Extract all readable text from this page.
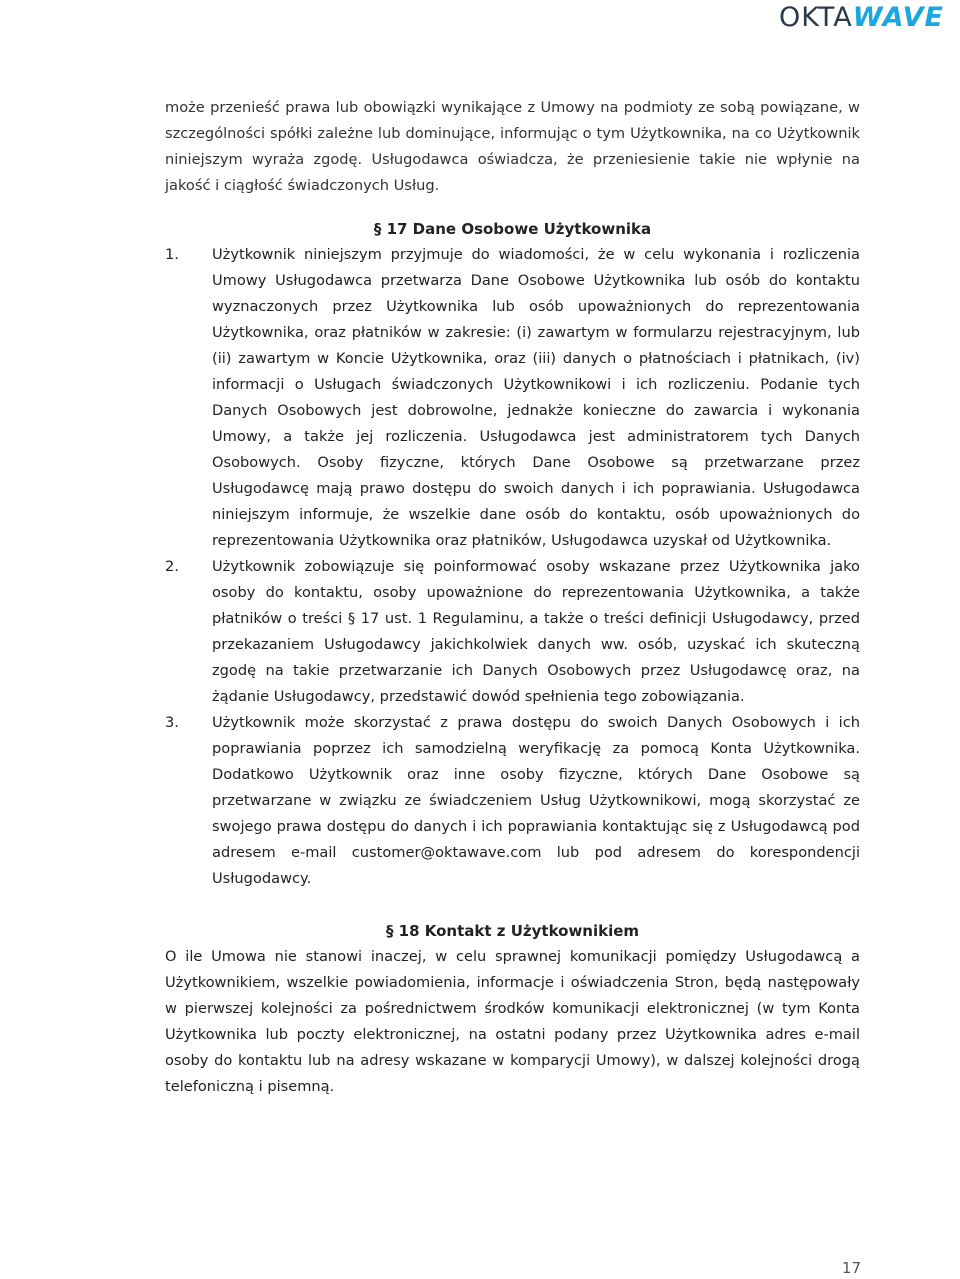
OKTA WAVE

może przenieść prawa lub obowiązki wynikające z Umowy na podmioty ze sobą powiązane, w szczególności spółki zależne lub dominujące, informując o tym Użytkownika, na co Użytkownik niniejszym wyraża zgodę. Usługodawca oświadcza, że przeniesienie takie nie wpłynie na jakość i ciągłość świadczonych Usług.

§ 17 Dane Osobowe Użytkownika
1. Użytkownik niniejszym przyjmuje do wiadomości, że w celu wykonania i rozliczenia Umowy Usługodawca przetwarza Dane Osobowe Użytkownika lub osób do kontaktu wyznaczonych przez Użytkownika lub osób upoważnionych do reprezentowania Użytkownika, oraz płatników w zakresie: (i) zawartym w formularzu rejestracyjnym, lub (ii) zawartym w Koncie Użytkownika, oraz (iii) danych o płatnościach i płatnikach, (iv) informacji o Usługach świadczonych Użytkownikowi i ich rozliczeniu. Podanie tych Danych Osobowych jest dobrowolne, jednakże konieczne do zawarcia i wykonania Umowy, a także jej rozliczenia. Usługodawca jest administratorem tych Danych Osobowych. Osoby fizyczne, których Dane Osobowe są przetwarzane przez Usługodawcę mają prawo dostępu do swoich danych i ich poprawiania. Usługodawca niniejszym informuje, że wszelkie dane osób do kontaktu, osób upoważnionych do reprezentowania Użytkownika oraz płatników, Usługodawca uzyskał od Użytkownika.
2. Użytkownik zobowiązuje się poinformować osoby wskazane przez Użytkownika jako osoby do kontaktu, osoby upoważnione do reprezentowania Użytkownika, a także płatników o treści § 17 ust. 1 Regulaminu, a także o treści definicji Usługodawcy, przed przekazaniem Usługodawcy jakichkolwiek danych ww. osób, uzyskać ich skuteczną zgodę na takie przetwarzanie ich Danych Osobowych przez Usługodawcę oraz, na żądanie Usługodawcy, przedstawić dowód spełnienia tego zobowiązania.
3. Użytkownik może skorzystać z prawa dostępu do swoich Danych Osobowych i ich poprawiania poprzez ich samodzielną weryfikację za pomocą Konta Użytkownika. Dodatkowo Użytkownik oraz inne osoby fizyczne, których Dane Osobowe są przetwarzane w związku ze świadczeniem Usług Użytkownikowi, mogą skorzystać ze swojego prawa dostępu do danych i ich poprawiania kontaktując się z Usługodawcą pod adresem e-mail customer@oktawave.com lub pod adresem do korespondencji Usługodawcy.
§ 18 Kontakt z Użytkownikiem

O ile Umowa nie stanowi inaczej, w celu sprawnej komunikacji pomiędzy Usługodawcą a Użytkownikiem, wszelkie powiadomienia, informacje i oświadczenia Stron, będą następowały w pierwszej kolejności za pośrednictwem środków komunikacji elektronicznej (w tym Konta Użytkownika lub poczty elektronicznej, na ostatni podany przez Użytkownika adres e-mail osoby do kontaktu lub na adresy wskazane w komparycji Umowy), w dalszej kolejności drogą telefoniczną i pisemną.

17
